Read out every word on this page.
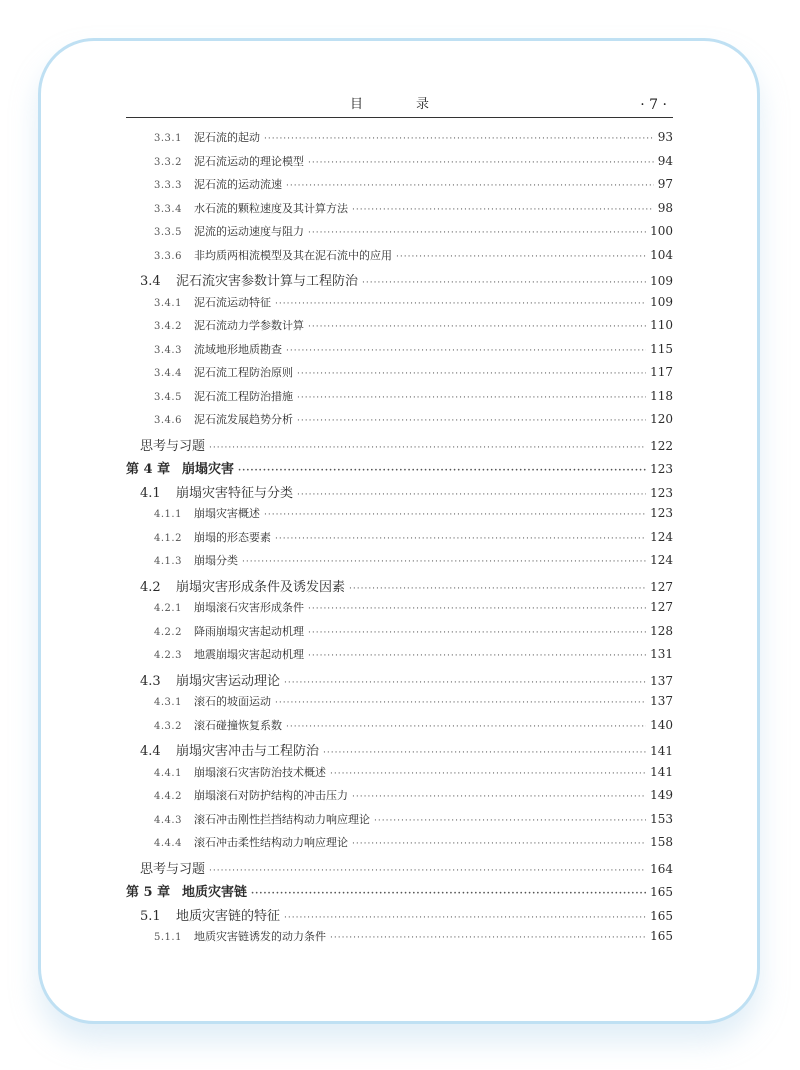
目　录	· 7 ·
3.3.1	泥石流的起动 ·····	93
3.3.2	泥石流运动的理论模型 ·····	94
3.3.3	泥石流的运动流速 ·····	97
3.3.4	水石流的颗粒速度及其计算方法 ·····	98
3.3.5	泥流的运动速度与阻力 ·····	100
3.3.6	非均质两相流模型及其在泥石流中的应用 ·····	104
3.4	泥石流灾害参数计算与工程防治 ·····	109
3.4.1	泥石流运动特征 ·····	109
3.4.2	泥石流动力学参数计算 ·····	110
3.4.3	流域地形地质勘查 ·····	115
3.4.4	泥石流工程防治原则 ·····	117
3.4.5	泥石流工程防治措施 ·····	118
3.4.6	泥石流发展趋势分析 ·····	120
思考与习题 ·····	122
第 4 章 崩塌灾害 ·····	123
4.1	崩塌灾害特征与分类 ·····	123
4.1.1	崩塌灾害概述 ·····	123
4.1.2	崩塌的形态要素 ·····	124
4.1.3	崩塌分类 ·····	124
4.2	崩塌灾害形成条件及诱发因素 ·····	127
4.2.1	崩塌滚石灾害形成条件 ·····	127
4.2.2	降雨崩塌灾害起动机理 ·····	128
4.2.3	地震崩塌灾害起动机理 ·····	131
4.3	崩塌灾害运动理论 ·····	137
4.3.1	滚石的坡面运动 ·····	137
4.3.2	滚石碰撞恢复系数 ·····	140
4.4	崩塌灾害冲击与工程防治 ·····	141
4.4.1	崩塌滚石灾害防治技术概述 ·····	141
4.4.2	崩塌滚石对防护结构的冲击压力 ·····	149
4.4.3	滚石冲击刚性拦挡结构动力响应理论 ·····	153
4.4.4	滚石冲击柔性结构动力响应理论 ·····	158
思考与习题 ·····	164
第 5 章 地质灾害链 ·····	165
5.1	地质灾害链的特征 ·····	165
5.1.1	地质灾害链诱发的动力条件 ·····	165
